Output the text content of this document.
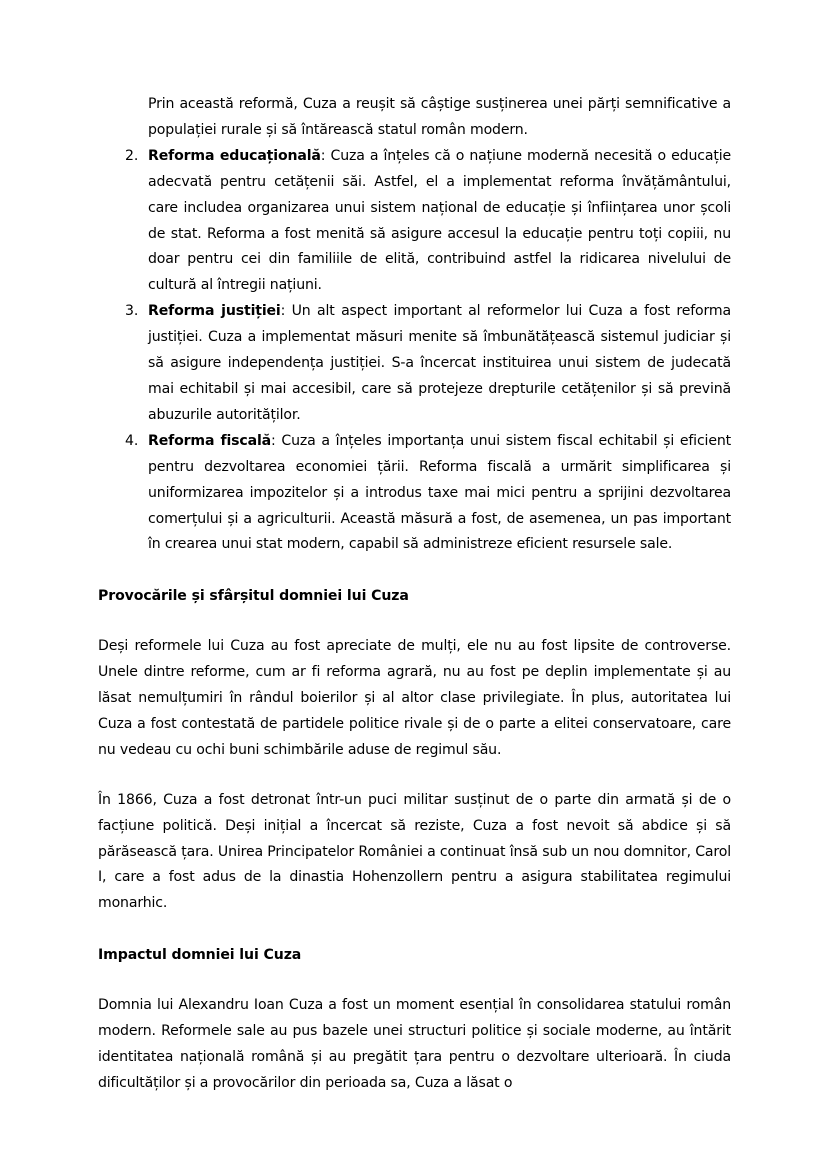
Prin această reformă, Cuza a reușit să câștige susținerea unei părți semnificative a populației rurale și să întărească statul român modern.

2. Reforma educațională: Cuza a înțeles că o națiune modernă necesită o educație adecvată pentru cetățenii săi. Astfel, el a implementat reforma învățământului, care includea organizarea unui sistem național de educație și înființarea unor școli de stat. Reforma a fost menită să asigure accesul la educație pentru toți copiii, nu doar pentru cei din familiile de elită, contribuind astfel la ridicarea nivelului de cultură al întregii națiuni.
3. Reforma justiției: Un alt aspect important al reformelor lui Cuza a fost reforma justiției. Cuza a implementat măsuri menite să îmbunătățească sistemul judiciar și să asigure independența justiției. S-a încercat instituirea unui sistem de judecată mai echitabil și mai accesibil, care să protejeze drepturile cetățenilor și să prevină abuzurile autorităților.
4. Reforma fiscală: Cuza a înțeles importanța unui sistem fiscal echitabil și eficient pentru dezvoltarea economiei țării. Reforma fiscală a urmărit simplificarea și uniformizarea impozitelor și a introdus taxe mai mici pentru a sprijini dezvoltarea comerțului și a agriculturii. Această măsură a fost, de asemenea, un pas important în crearea unui stat modern, capabil să administreze eficient resursele sale.
Provocările și sfârșitul domniei lui Cuza

Deși reformele lui Cuza au fost apreciate de mulți, ele nu au fost lipsite de controverse. Unele dintre reforme, cum ar fi reforma agrară, nu au fost pe deplin implementate și au lăsat nemulțumiri în rândul boierilor și al altor clase privilegiate. În plus, autoritatea lui Cuza a fost contestată de partidele politice rivale și de o parte a elitei conservatoare, care nu vedeau cu ochi buni schimbările aduse de regimul său.

În 1866, Cuza a fost detronat într-un puci militar susținut de o parte din armată și de o facțiune politică. Deși inițial a încercat să reziste, Cuza a fost nevoit să abdice și să părăsească țara. Unirea Principatelor României a continuat însă sub un nou domnitor, Carol I, care a fost adus de la dinastia Hohenzollern pentru a asigura stabilitatea regimului monarhic.

Impactul domniei lui Cuza

Domnia lui Alexandru Ioan Cuza a fost un moment esențial în consolidarea statului român modern. Reformele sale au pus bazele unei structuri politice și sociale moderne, au întărit identitatea națională română și au pregătit țara pentru o dezvoltare ulterioară. În ciuda dificultăților și a provocărilor din perioada sa, Cuza a lăsat o
